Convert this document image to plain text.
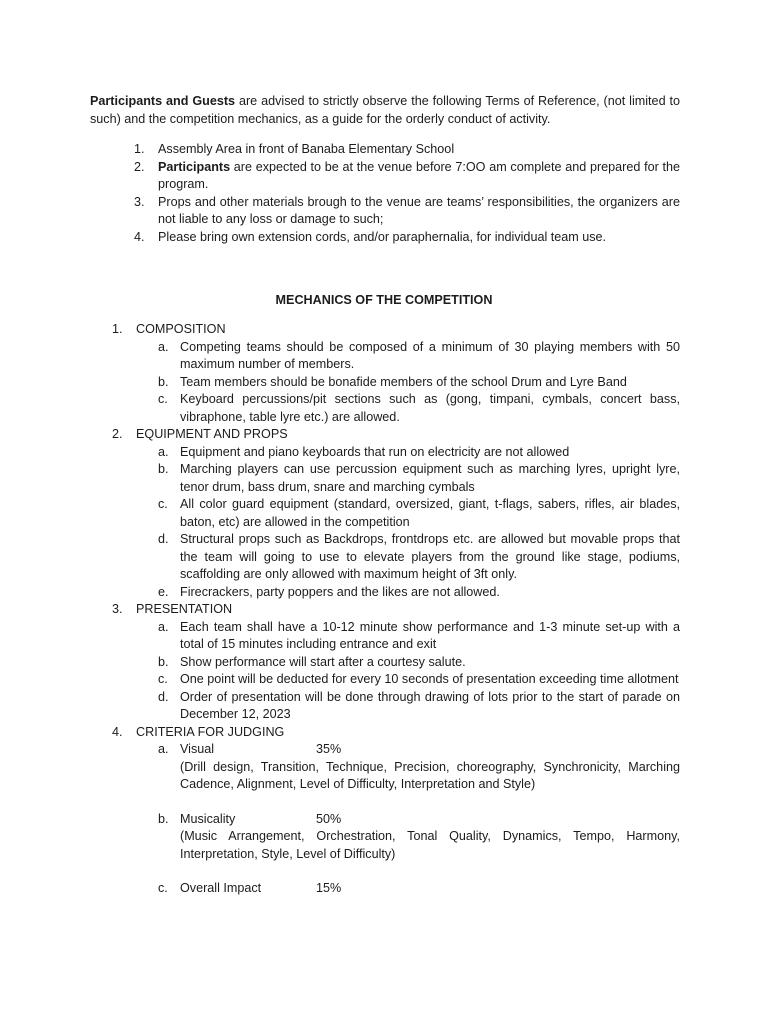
Participants and Guests are advised to strictly observe the following Terms of Reference, (not limited to such) and the competition mechanics, as a guide for the orderly conduct of activity.

1. Assembly Area in front of Banaba Elementary School
2. Participants are expected to be at the venue before 7:OO am complete and prepared for the program.
3. Props and other materials brough to the venue are teams’ responsibilities, the organizers are not liable to any loss or damage to such;
4. Please bring own extension cords, and/or paraphernalia, for individual team use.
MECHANICS OF THE COMPETITION
1. COMPOSITION
a. Competing teams should be composed of a minimum of 30 playing members with 50 maximum number of members.
b. Team members should be bonafide members of the school Drum and Lyre Band
c. Keyboard percussions/pit sections such as (gong, timpani, cymbals, concert bass, vibraphone, table lyre etc.) are allowed.
2. EQUIPMENT AND PROPS
a. Equipment and piano keyboards that run on electricity are not allowed
b. Marching players can use percussion equipment such as marching lyres, upright lyre, tenor drum, bass drum, snare and marching cymbals
c. All color guard equipment (standard, oversized, giant, t-flags, sabers, rifles, air blades, baton, etc) are allowed in the competition
d. Structural props such as Backdrops, frontdrops etc. are allowed but movable props that the team will going to use to elevate players from the ground like stage, podiums, scaffolding are only allowed with maximum height of 3ft only.
e. Firecrackers, party poppers and the likes are not allowed.
3. PRESENTATION
a. Each team shall have a 10-12 minute show performance and 1-3 minute set-up with a total of 15 minutes including entrance and exit
b. Show performance will start after a courtesy salute.
c. One point will be deducted for every 10 seconds of presentation exceeding time allotment
d. Order of presentation will be done through drawing of lots prior to the start of parade on December 12, 2023
4. CRITERIA FOR JUDGING
a. Visual	35%
(Drill design, Transition, Technique, Precision, choreography, Synchronicity, Marching Cadence, Alignment, Level of Difficulty, Interpretation and Style)
b. Musicality	50%
(Music Arrangement, Orchestration, Tonal Quality, Dynamics, Tempo, Harmony, Interpretation, Style, Level of Difficulty)
c. Overall Impact	15%
